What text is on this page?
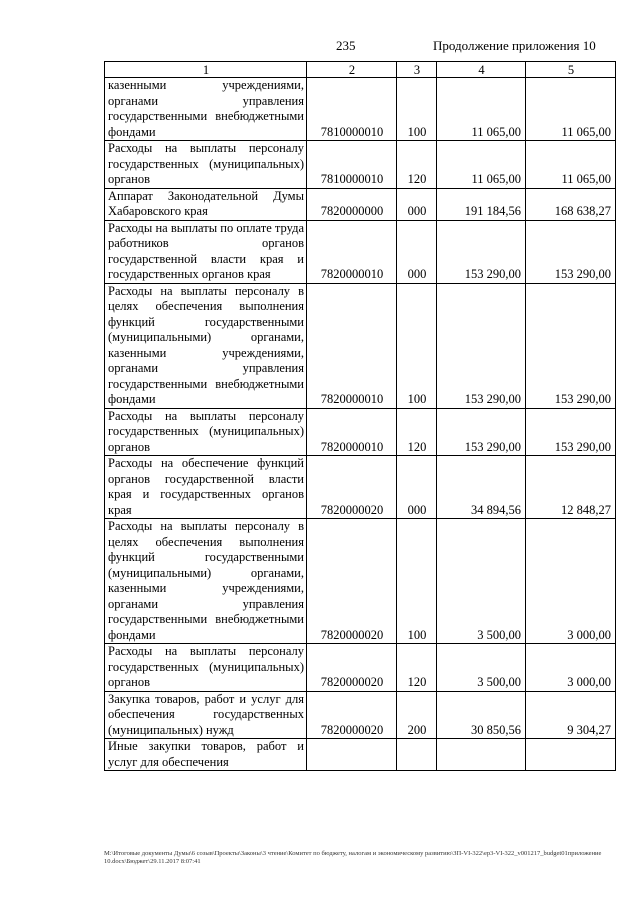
235	Продолжение приложения 10
1	2	3	4	5
казенными учреждениями, органами управления государственными внебюджетными фондами	7810000010	100	11 065,00	11 065,00
Расходы на выплаты персоналу государственных (муниципальных) органов	7810000010	120	11 065,00	11 065,00
Аппарат Законодательной Думы Хабаровского края	7820000000	000	191 184,56	168 638,27
Расходы на выплаты по оплате труда работников органов государственной власти края и государственных органов края	7820000010	000	153 290,00	153 290,00
Расходы на выплаты персоналу в целях обеспечения выполнения функций государственными (муниципальными) органами, казенными учреждениями, органами управления государственными внебюджетными фондами	7820000010	100	153 290,00	153 290,00
Расходы на выплаты персоналу государственных (муниципальных) органов	7820000010	120	153 290,00	153 290,00
Расходы на обеспечение функций органов государственной власти края и государственных органов края	7820000020	000	34 894,56	12 848,27
Расходы на выплаты персоналу в целях обеспечения выполнения функций государственными (муниципальными) органами, казенными учреждениями, органами управления государственными внебюджетными фондами	7820000020	100	3 500,00	3 000,00
Расходы на выплаты персоналу государственных (муниципальных) органов	7820000020	120	3 500,00	3 000,00
Закупка товаров, работ и услуг для обеспечения государственных (муниципальных) нужд	7820000020	200	30 850,56	9 304,27
Иные закупки товаров, работ и услуг для обеспечения				
M:\Итоговые документы Думы\6 созыв\Проекты\Законы\3 чтение\Комитет по бюджету, налогам и экономическому развитию\ЗП-VI-322\ер3-VI-322_v001217_budget01приложение 10.docx\Бюджет\29.11.2017 8:07:41
